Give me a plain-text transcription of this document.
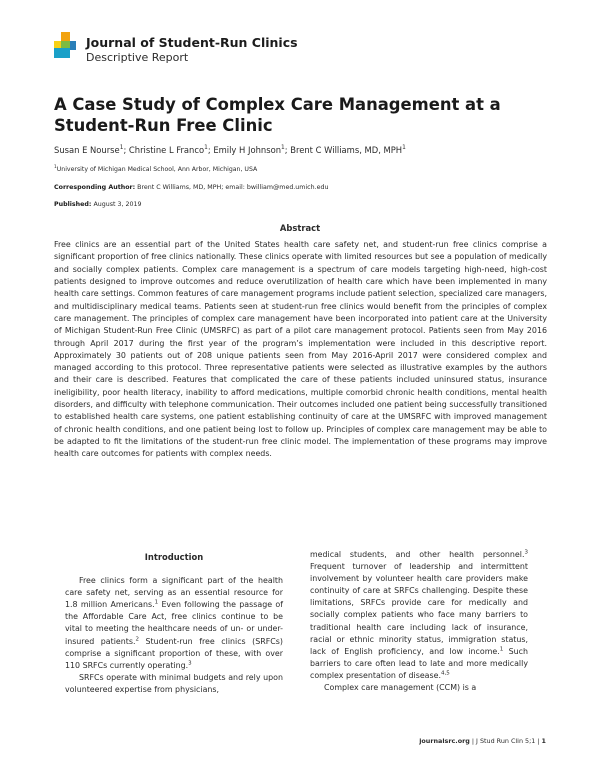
Journal of Student-Run Clinics
Descriptive Report
A Case Study of Complex Care Management at a Student-Run Free Clinic
Susan E Nourse$^1$; Christine L Franco$^1$; Emily H Johnson$^1$; Brent C Williams, MD, MPH$^1$
$^1$University of Michigan Medical School, Ann Arbor, Michigan, USA
Corresponding Author: Brent C Williams, MD, MPH; email: bwilliam@med.umich.edu
Published: August 3, 2019
Abstract

Free clinics are an essential part of the United States health care safety net, and student-run free clinics comprise a significant proportion of free clinics nationally. These clinics operate with limited resources but see a population of medically and socially complex patients. Complex care management is a spectrum of care models targeting high-need, high-cost patients designed to improve outcomes and reduce overutilization of health care which have been implemented in many health care settings. Common features of care management programs include patient selection, specialized care managers, and multidisciplinary medical teams. Patients seen at student-run free clinics would benefit from the principles of complex care management. The principles of complex care management have been incorporated into patient care at the University of Michigan Student-Run Free Clinic (UMSRFC) as part of a pilot care management protocol. Patients seen from May 2016 through April 2017 during the first year of the program’s implementation were included in this descriptive report. Approximately 30 patients out of 208 unique patients seen from May 2016-April 2017 were considered complex and managed according to this protocol. Three representative patients were selected as illustrative examples by the authors and their care is described. Features that complicated the care of these patients included uninsured status, insurance ineligibility, poor health literacy, inability to afford medications, multiple comorbid chronic health conditions, mental health disorders, and difficulty with telephone communication. Their outcomes included one patient being successfully transitioned to established health care systems, one patient establishing continuity of care at the UMSRFC with improved management of chronic health conditions, and one patient being lost to follow up. Principles of complex care management may be able to be adapted to fit the limitations of the student-run free clinic model. The implementation of these programs may improve health care outcomes for patients with complex needs.

Introduction

Free clinics form a significant part of the health care safety net, serving as an essential resource for 1.8 million Americans.$^1$ Even following the passage of the Affordable Care Act, free clinics continue to be vital to meeting the healthcare needs of un- or under-insured patients.$^2$ Student-run free clinics (SRFCs) comprise a significant proportion of these, with over 110 SRFCs currently operating.$^3$

SRFCs operate with minimal budgets and rely upon volunteered expertise from physicians,

medical students, and other health personnel.$^3$ Frequent turnover of leadership and intermittent involvement by volunteer health care providers make continuity of care at SRFCs challenging. Despite these limitations, SRFCs provide care for medically and socially complex patients who face many barriers to traditional health care including lack of insurance, racial or ethnic minority status, immigration status, lack of English proficiency, and low income.$^1$ Such barriers to care often lead to late and more medically complex presentation of disease.$^{4,5}$

Complex care management (CCM) is a

journalsrc.org | J Stud Run Clin 5;1 | 1
